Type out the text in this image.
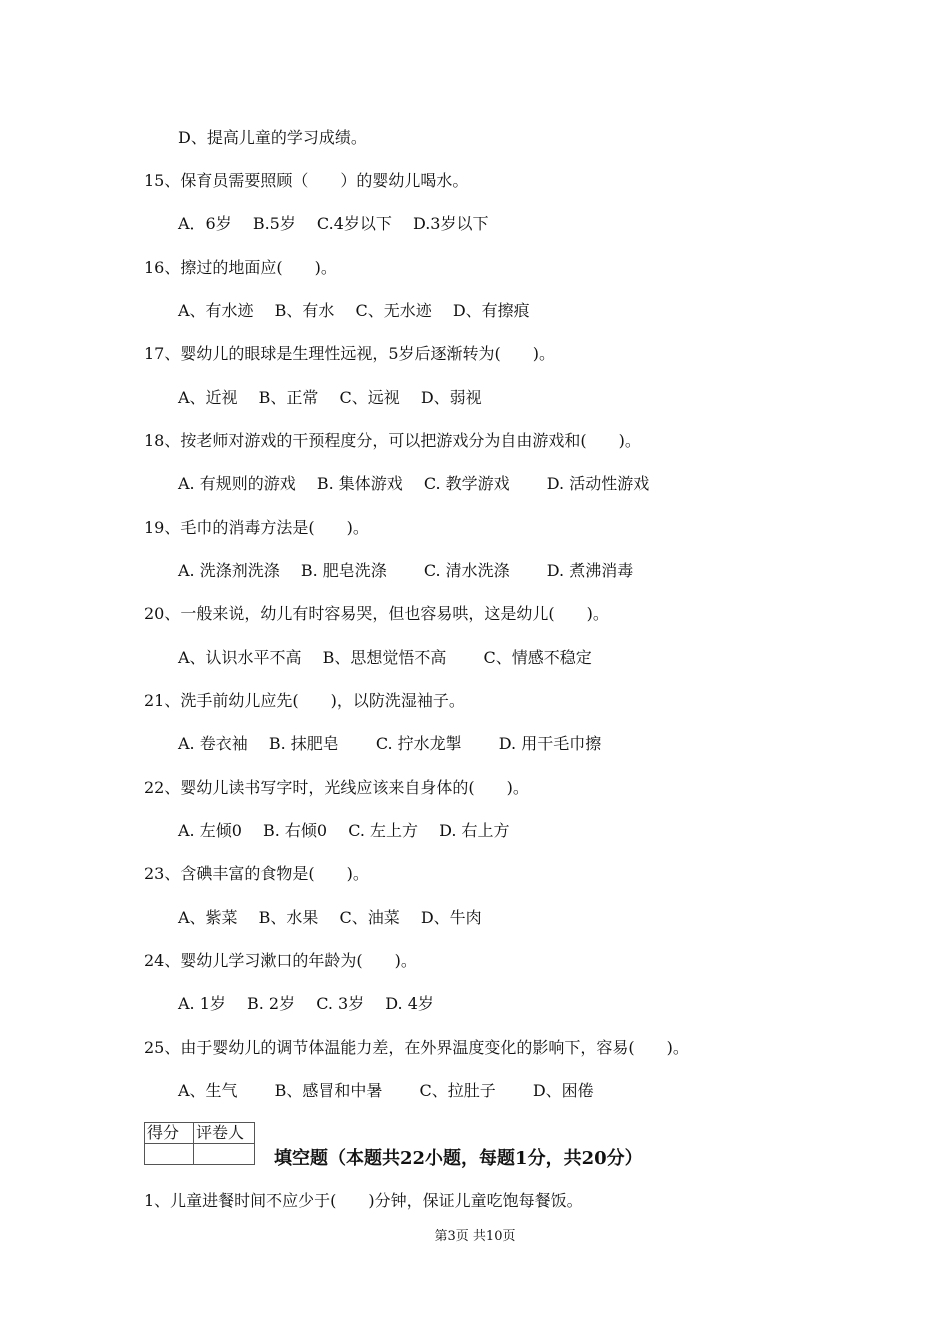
D、提高儿童的学习成绩。

15、保育员需要照顾（　　）的婴幼儿喝水。

A．6岁　 B.5岁　 C.4岁以下　 D.3岁以下

16、擦过的地面应(　　)。

A、有水迹　 B、有水　 C、无水迹　 D、有擦痕

17、婴幼儿的眼球是生理性远视，5岁后逐渐转为(　　)。

A、近视　 B、正常　 C、远视　 D、弱视

18、按老师对游戏的干预程度分，可以把游戏分为自由游戏和(　　)。

A. 有规则的游戏　 B. 集体游戏　 C. 教学游戏　　 D. 活动性游戏

19、毛巾的消毒方法是(　　)。

A. 洗涤剂洗涤　 B. 肥皂洗涤　　 C. 清水洗涤　　 D. 煮沸消毒

20、一般来说，幼儿有时容易哭，但也容易哄，这是幼儿(　　)。

A、认识水平不高　 B、思想觉悟不高　　 C、情感不稳定

21、洗手前幼儿应先(　　)，以防洗湿袖子。

A. 卷衣袖　 B. 抹肥皂　　 C. 拧水龙掣　　 D. 用干毛巾擦

22、婴幼儿读书写字时，光线应该来自身体的(　　)。

A. 左倾0　 B. 右倾0　 C. 左上方　 D. 右上方

23、含碘丰富的食物是(　　)。

A、紫菜　 B、水果　 C、油菜　 D、牛肉

24、婴幼儿学习漱口的年龄为(　　)。

A. 1岁　 B. 2岁　 C. 3岁　 D. 4岁

25、由于婴幼儿的调节体温能力差，在外界温度变化的影响下，容易(　　)。

A、生气　　 B、感冒和中暑　　 C、拉肚子　　 D、困倦

1、儿童进餐时间不应少于(　　)分钟，保证儿童吃饱每餐饭。

得分	评卷人

填空题（本题共22小题，每题1分，共20分）
第3页 共10页
